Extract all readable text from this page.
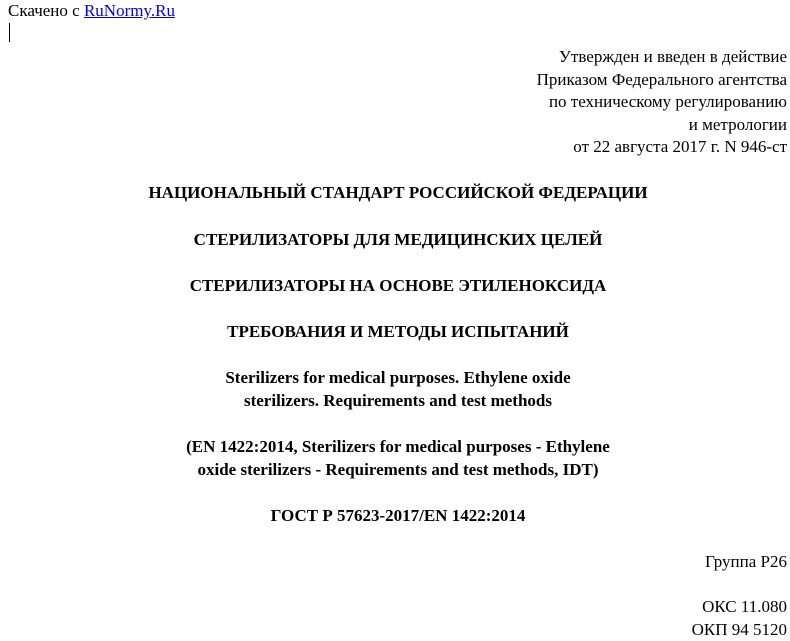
Скачено с RuNormy.Ru
Утвержден и введен в действие
Приказом Федерального агентства
по техническому регулированию
и метрологии
от 22 августа 2017 г. N 946-ст
НАЦИОНАЛЬНЫЙ СТАНДАРТ РОССИЙСКОЙ ФЕДЕРАЦИИ
СТЕРИЛИЗАТОРЫ ДЛЯ МЕДИЦИНСКИХ ЦЕЛЕЙ
СТЕРИЛИЗАТОРЫ НА ОСНОВЕ ЭТИЛЕНОКСИДА
ТРЕБОВАНИЯ И МЕТОДЫ ИСПЫТАНИЙ
Sterilizers for medical purposes. Ethylene oxide
sterilizers. Requirements and test methods
(EN 1422:2014, Sterilizers for medical purposes - Ethylene
oxide sterilizers - Requirements and test methods, IDT)
ГОСТ Р 57623-2017/EN 1422:2014
Группа Р26
ОКС 11.080
ОКП 94 5120
